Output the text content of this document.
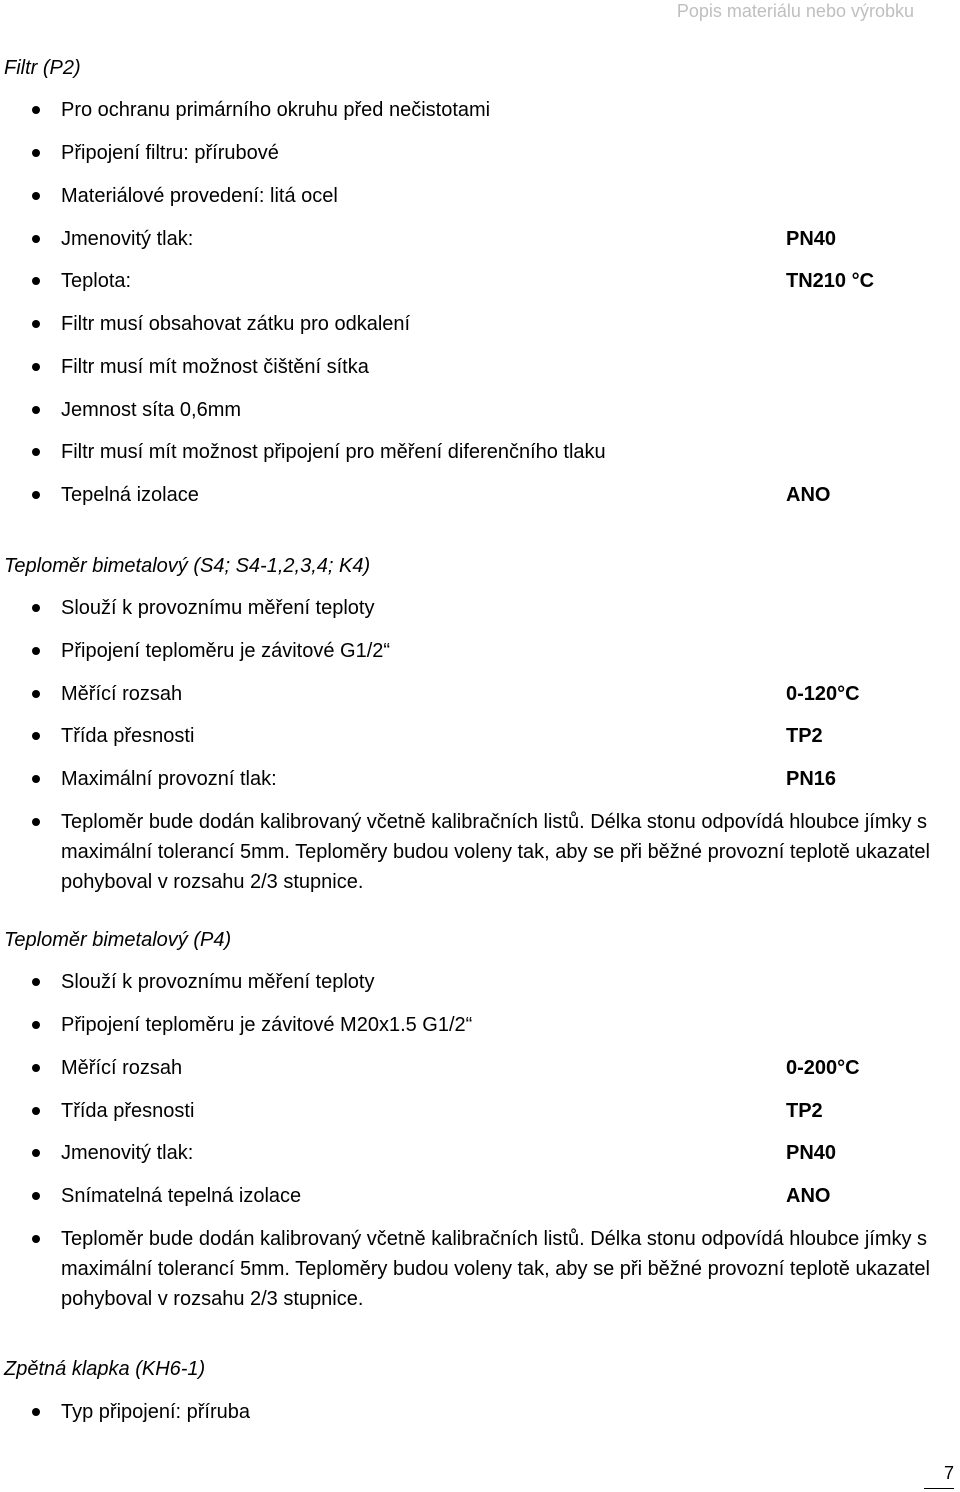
Popis materiálu nebo výrobku
Filtr (P2)
Pro ochranu primárního okruhu před nečistotami
Připojení filtru: přírubové
Materiálové provedení: litá ocel
Jmenovitý tlak:	PN40
Teplota:	TN210 °C
Filtr musí obsahovat zátku pro odkalení
Filtr musí mít možnost čištění sítka
Jemnost síta 0,6mm
Filtr musí mít možnost připojení pro měření diferenčního tlaku
Tepelná izolace	ANO
Teploměr bimetalový (S4; S4-1,2,3,4; K4)
Slouží k provoznímu měření teploty
Připojení teploměru je závitové G1/2“
Měřící rozsah	0-120°C
Třída přesnosti	TP2
Maximální provozní tlak:	PN16
Teploměr bude dodán kalibrovaný včetně kalibračních listů. Délka stonu odpovídá hloubce jímky s maximální tolerancí 5mm. Teploměry budou voleny tak, aby se při běžné provozní teplotě ukazatel pohyboval v rozsahu 2/3 stupnice.
Teploměr bimetalový (P4)
Slouží k provoznímu měření teploty
Připojení teploměru je závitové M20x1.5 G1/2“
Měřící rozsah	0-200°C
Třída přesnosti	TP2
Jmenovitý tlak:	PN40
Snímatelná tepelná izolace	ANO
Teploměr bude dodán kalibrovaný včetně kalibračních listů. Délka stonu odpovídá hloubce jímky s maximální tolerancí 5mm. Teploměry budou voleny tak, aby se při běžné provozní teplotě ukazatel pohyboval v rozsahu 2/3 stupnice.
Zpětná klapka (KH6-1)
Typ připojení: příruba
7
